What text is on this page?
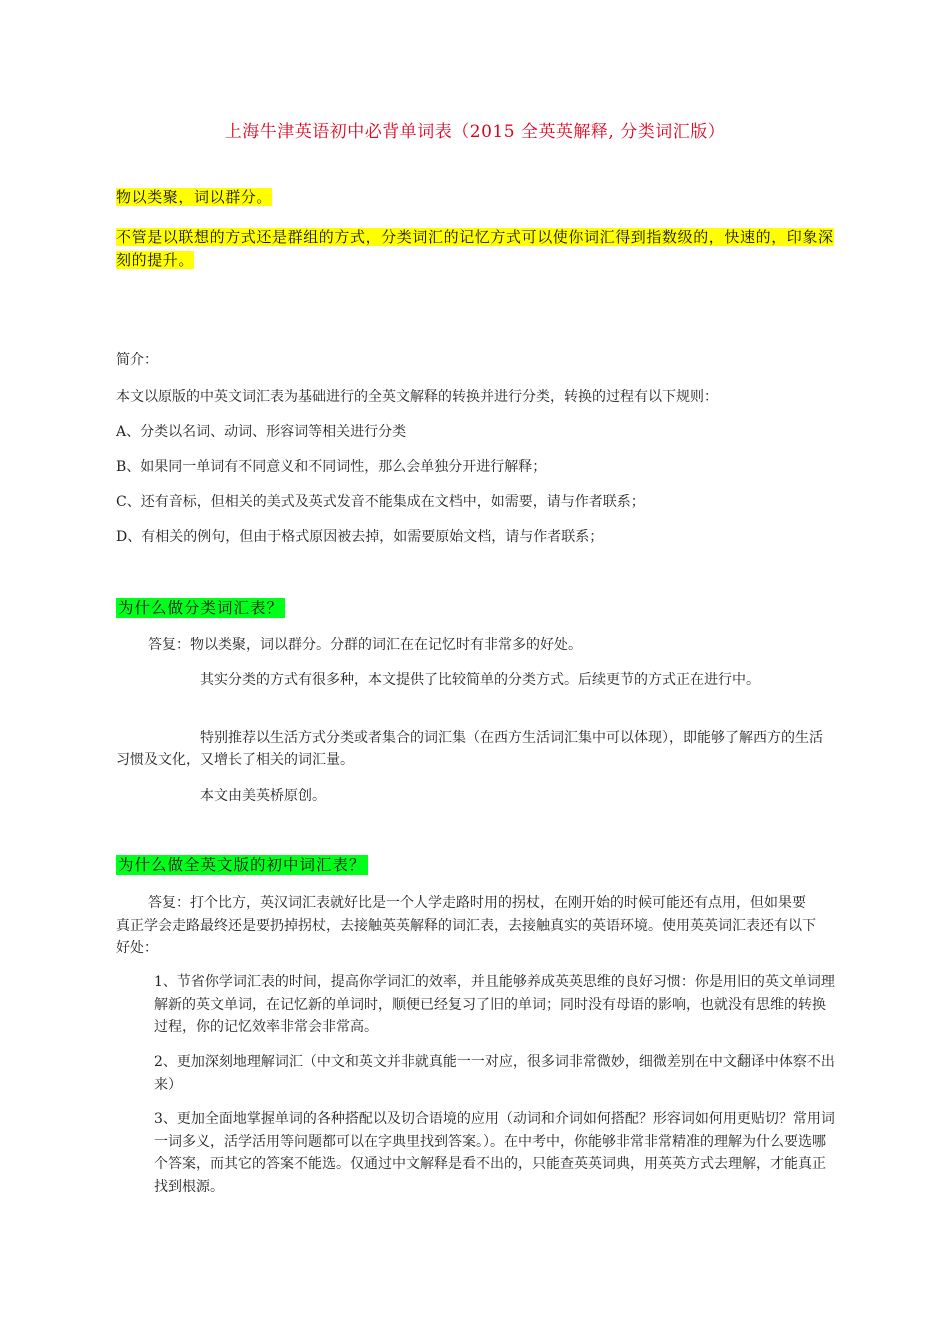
上海牛津英语初中必背单词表（2015 全英英解释, 分类词汇版）
物以类聚，词以群分。
不管是以联想的方式还是群组的方式，分类词汇的记忆方式可以使你词汇得到指数级的，快速的，印象深刻的提升。
简介：
本文以原版的中英文词汇表为基础进行的全英文解释的转换并进行分类，转换的过程有以下规则：
A、分类以名词、动词、形容词等相关进行分类
B、如果同一单词有不同意义和不同词性，那么会单独分开进行解释；
C、还有音标，但相关的美式及英式发音不能集成在文档中，如需要，请与作者联系；
D、有相关的例句，但由于格式原因被去掉，如需要原始文档，请与作者联系；
为什么做分类词汇表？
答复：物以类聚，词以群分。分群的词汇在在记忆时有非常多的好处。
其实分类的方式有很多种，本文提供了比较简单的分类方式。后续更节的方式正在进行中。
特别推荐以生活方式分类或者集合的词汇集（在西方生活词汇集中可以体现），即能够了解西方的生活习惯及文化，又增长了相关的词汇量。
本文由美英桥原创。
为什么做全英文版的初中词汇表？
答复：打个比方，英汉词汇表就好比是一个人学走路时用的拐杖，在刚开始的时候可能还有点用，但如果要真正学会走路最终还是要扔掉拐杖，去接触英英解释的词汇表，去接触真实的英语环境。使用英英词汇表还有以下好处：
1、节省你学词汇表的时间，提高你学词汇的效率，并且能够养成英英思维的良好习惯：你是用旧的英文单词理解新的英文单词，在记忆新的单词时，顺便已经复习了旧的单词；同时没有母语的影响，也就没有思维的转换过程，你的记忆效率非常会非常高。
2、更加深刻地理解词汇（中文和英文并非就真能一一对应，很多词非常微妙，细微差别在中文翻译中体察不出来）
3、更加全面地掌握单词的各种搭配以及切合语境的应用（动词和介词如何搭配？形容词如何用更贴切？常用词一词多义，活学活用等问题都可以在字典里找到答案。）。在中考中，你能够非常非常精准的理解为什么要选哪个答案，而其它的答案不能选。仅通过中文解释是看不出的，只能查英英词典，用英英方式去理解，才能真正找到根源。
